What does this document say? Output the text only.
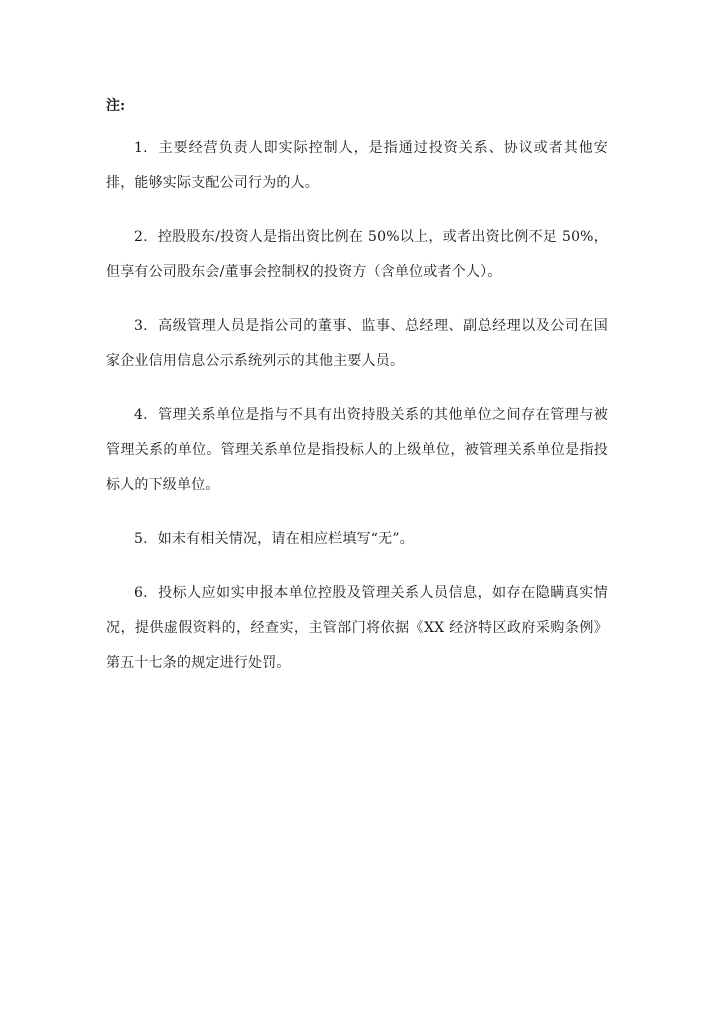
注:
1. 主要经营负责人即实际控制人，是指通过投资关系、协议或者其他安排，能够实际支配公司行为的人。
2. 控股股东/投资人是指出资比例在 50%以上，或者出资比例不足 50%，但享有公司股东会/董事会控制权的投资方（含单位或者个人）。
3. 高级管理人员是指公司的董事、监事、总经理、副总经理以及公司在国家企业信用信息公示系统列示的其他主要人员。
4. 管理关系单位是指与不具有出资持股关系的其他单位之间存在管理与被管理关系的单位。管理关系单位是指投标人的上级单位，被管理关系单位是指投标人的下级单位。
5. 如未有相关情况，请在相应栏填写“无”。
6. 投标人应如实申报本单位控股及管理关系人员信息，如存在隐瞒真实情况，提供虚假资料的，经查实，主管部门将依据《XX 经济特区政府采购条例》第五十七条的规定进行处罚。
